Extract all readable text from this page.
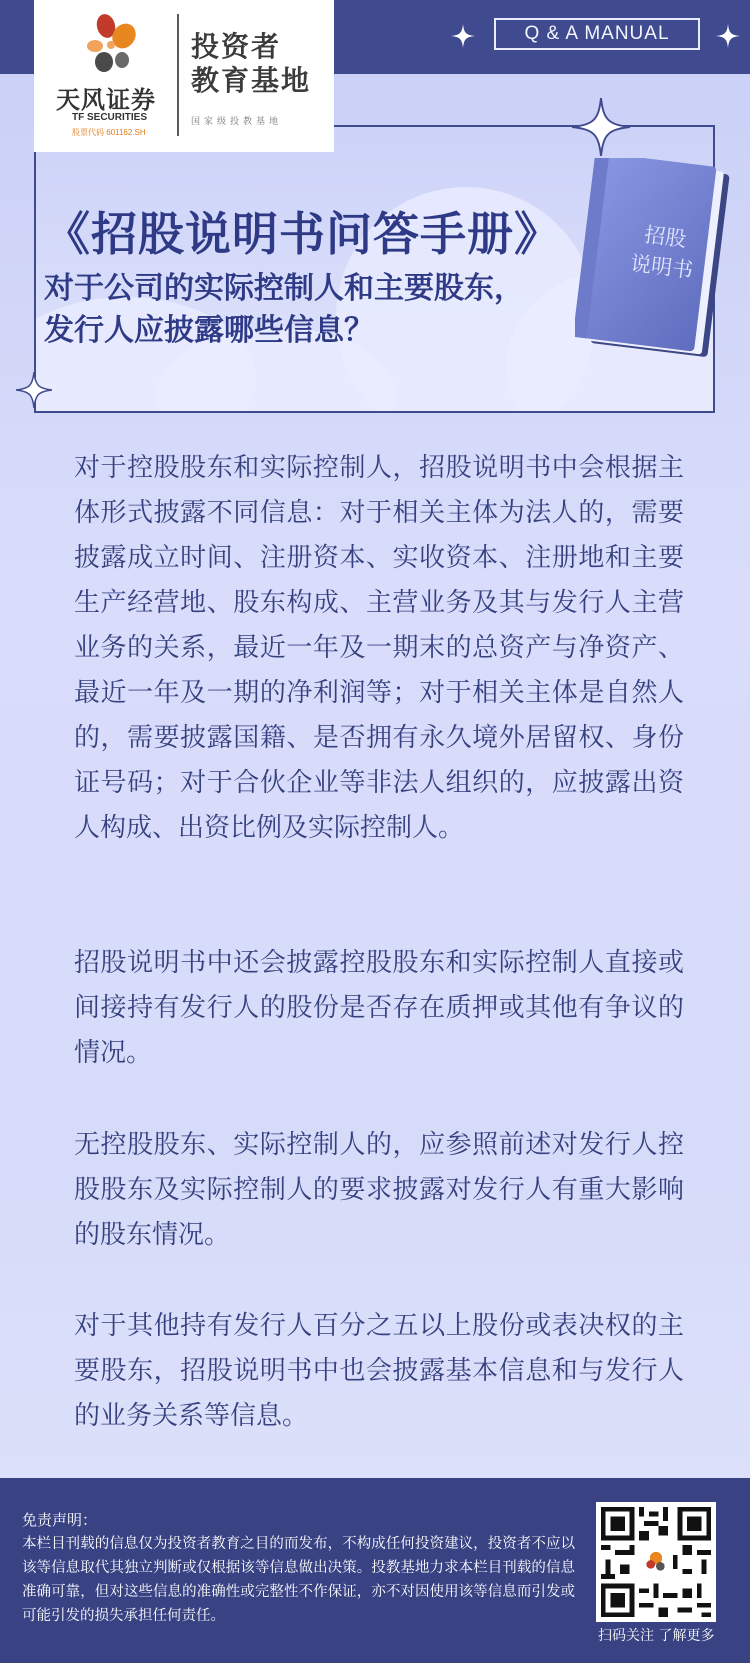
Q & A MANUAL
天风证券
TF SECURITIES
股票代码 601162.SH
投资者
教育基地
国家级投教基地
招股
说明书
《招股说明书问答手册》
对于公司的实际控制人和主要股东，
发行人应披露哪些信息？
对于控股股东和实际控制人，招股说明书中会根据主体形式披露不同信息：对于相关主体为法人的，需要披露成立时间、注册资本、实收资本、注册地和主要生产经营地、股东构成、主营业务及其与发行人主营业务的关系，最近一年及一期末的总资产与净资产、最近一年及一期的净利润等；对于相关主体是自然人的，需要披露国籍、是否拥有永久境外居留权、身份证号码；对于合伙企业等非法人组织的，应披露出资人构成、出资比例及实际控制人。
招股说明书中还会披露控股股东和实际控制人直接或间接持有发行人的股份是否存在质押或其他有争议的情况。
无控股股东、实际控制人的，应参照前述对发行人控股股东及实际控制人的要求披露对发行人有重大影响的股东情况。
对于其他持有发行人百分之五以上股份或表决权的主要股东，招股说明书中也会披露基本信息和与发行人的业务关系等信息。
免责声明：
本栏目刊载的信息仅为投资者教育之目的而发布，不构成任何投资建议，投资者不应以该等信息取代其独立判断或仅根据该等信息做出决策。投教基地力求本栏目刊载的信息准确可靠，但对这些信息的准确性或完整性不作保证，亦不对因使用该等信息而引发或可能引发的损失承担任何责任。
扫码关注 了解更多
